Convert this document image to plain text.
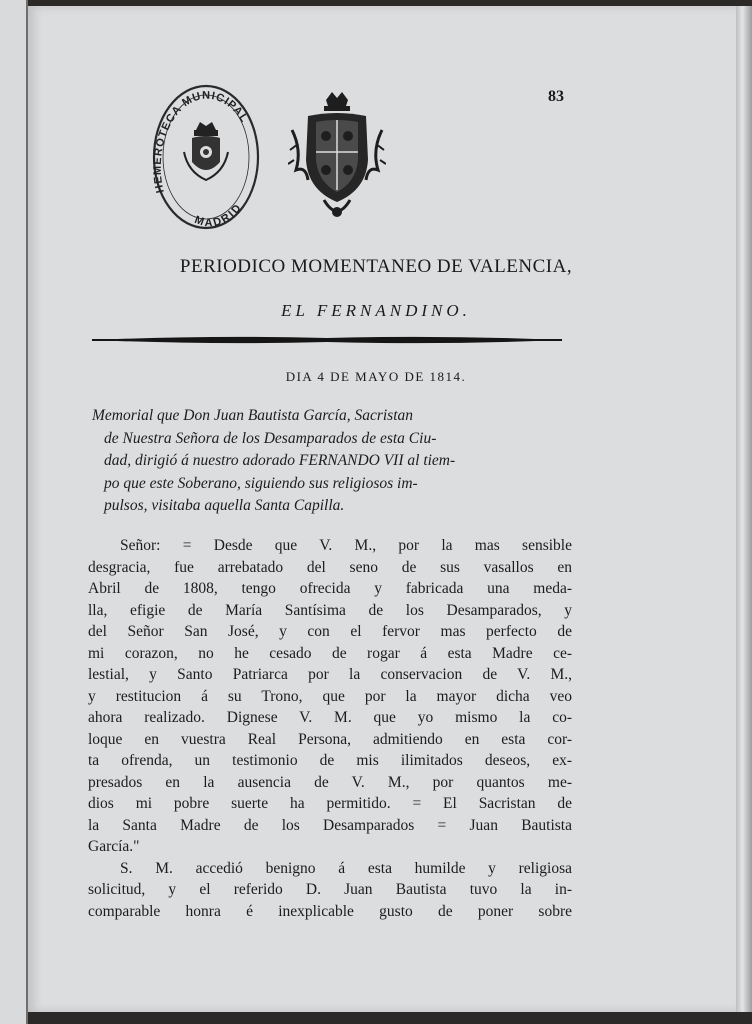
83
HEMEROTECA MUNICIPAL
MADRID
PERIODICO MOMENTANEO DE VALENCIA,
EL FERNANDINO.
DIA 4 DE MAYO DE 1814.
Memorial que Don Juan Bautista García, Sacristan
de Nuestra Señora de los Desamparados de esta Ciu-
dad, dirigió á nuestro adorado FERNANDO VII al tiem-
po que este Soberano, siguiendo sus religiosos im-
pulsos, visitaba aquella Santa Capilla.
Señor: = Desde que V. M., por la mas sensible
desgracia, fue arrebatado del seno de sus vasallos en
Abril de 1808, tengo ofrecida y fabricada una meda-
lla, efigie de María Santísima de los Desamparados, y
del Señor San José, y con el fervor mas perfecto de
mi corazon, no he cesado de rogar á esta Madre ce-
lestial, y Santo Patriarca por la conservacion de V. M.,
y restitucion á su Trono, que por la mayor dicha veo
ahora realizado. Dignese V. M. que yo mismo la co-
loque en vuestra Real Persona, admitiendo en esta cor-
ta ofrenda, un testimonio de mis ilimitados deseos, ex-
presados en la ausencia de V. M., por quantos me-
dios mi pobre suerte ha permitido. = El Sacristan de
la Santa Madre de los Desamparados = Juan Bautista
García."
S. M. accedió benigno á esta humilde y religiosa
solicitud, y el referido D. Juan Bautista tuvo la in-
comparable honra é inexplicable gusto de poner sobre
